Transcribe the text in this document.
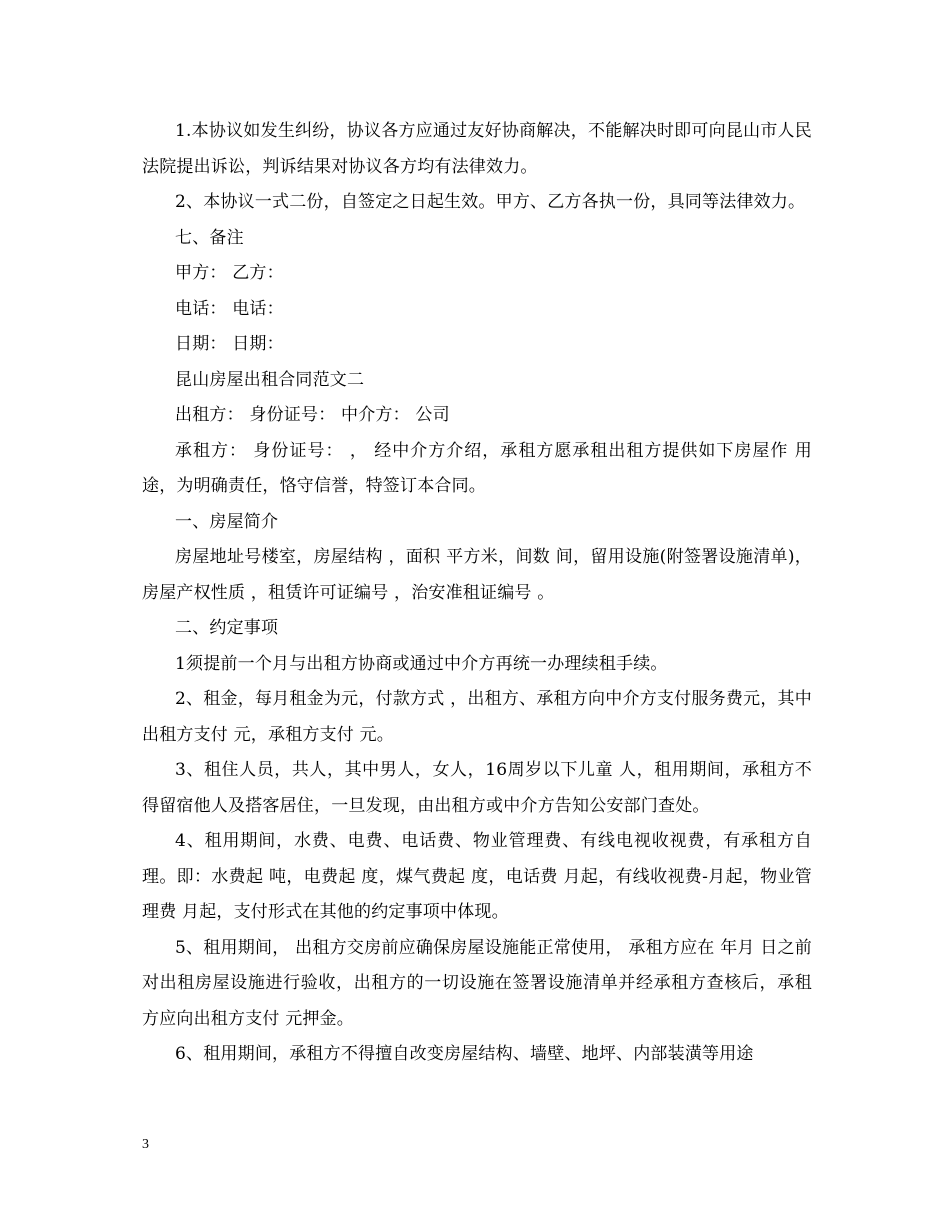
1.本协议如发生纠纷，协议各方应通过友好协商解决，不能解决时即可向昆山市人民法院提出诉讼，判诉结果对协议各方均有法律效力。

2、本协议一式二份，自签定之日起生效。甲方、乙方各执一份，具同等法律效力。

七、备注

甲方： 乙方：

电话： 电话：

日期： 日期：

昆山房屋出租合同范文二

出租方： 身份证号： 中介方： 公司

承租方： 身份证号： ， 经中介方介绍，承租方愿承租出租方提供如下房屋作 用途，为明确责任，恪守信誉，特签订本合同。

一、房屋简介

房屋地址号楼室，房屋结构 ，面积 平方米，间数 间，留用设施(附签署设施清单)， 房屋产权性质 ，租赁许可证编号 ，治安准租证编号 。

二、约定事项

1须提前一个月与出租方协商或通过中介方再统一办理续租手续。

2、租金，每月租金为元，付款方式 ，出租方、承租方向中介方支付服务费元，其中出租方支付 元，承租方支付 元。

3、租住人员，共人，其中男人，女人，16周岁以下儿童 人，租用期间，承租方不得留宿他人及搭客居住，一旦发现，由出租方或中介方告知公安部门查处。

4、租用期间，水费、电费、电话费、物业管理费、有线电视收视费，有承租方自理。即：水费起 吨，电费起 度，煤气费起 度，电话费 月起，有线收视费-月起，物业管理费 月起，支付形式在其他的约定事项中体现。

5、租用期间， 出租方交房前应确保房屋设施能正常使用， 承租方应在 年月 日之前对出租房屋设施进行验收，出租方的一切设施在签署设施清单并经承租方查核后，承租方应向出租方支付 元押金。

6、租用期间，承租方不得擅自改变房屋结构、墙壁、地坪、内部装潢等用途

3
